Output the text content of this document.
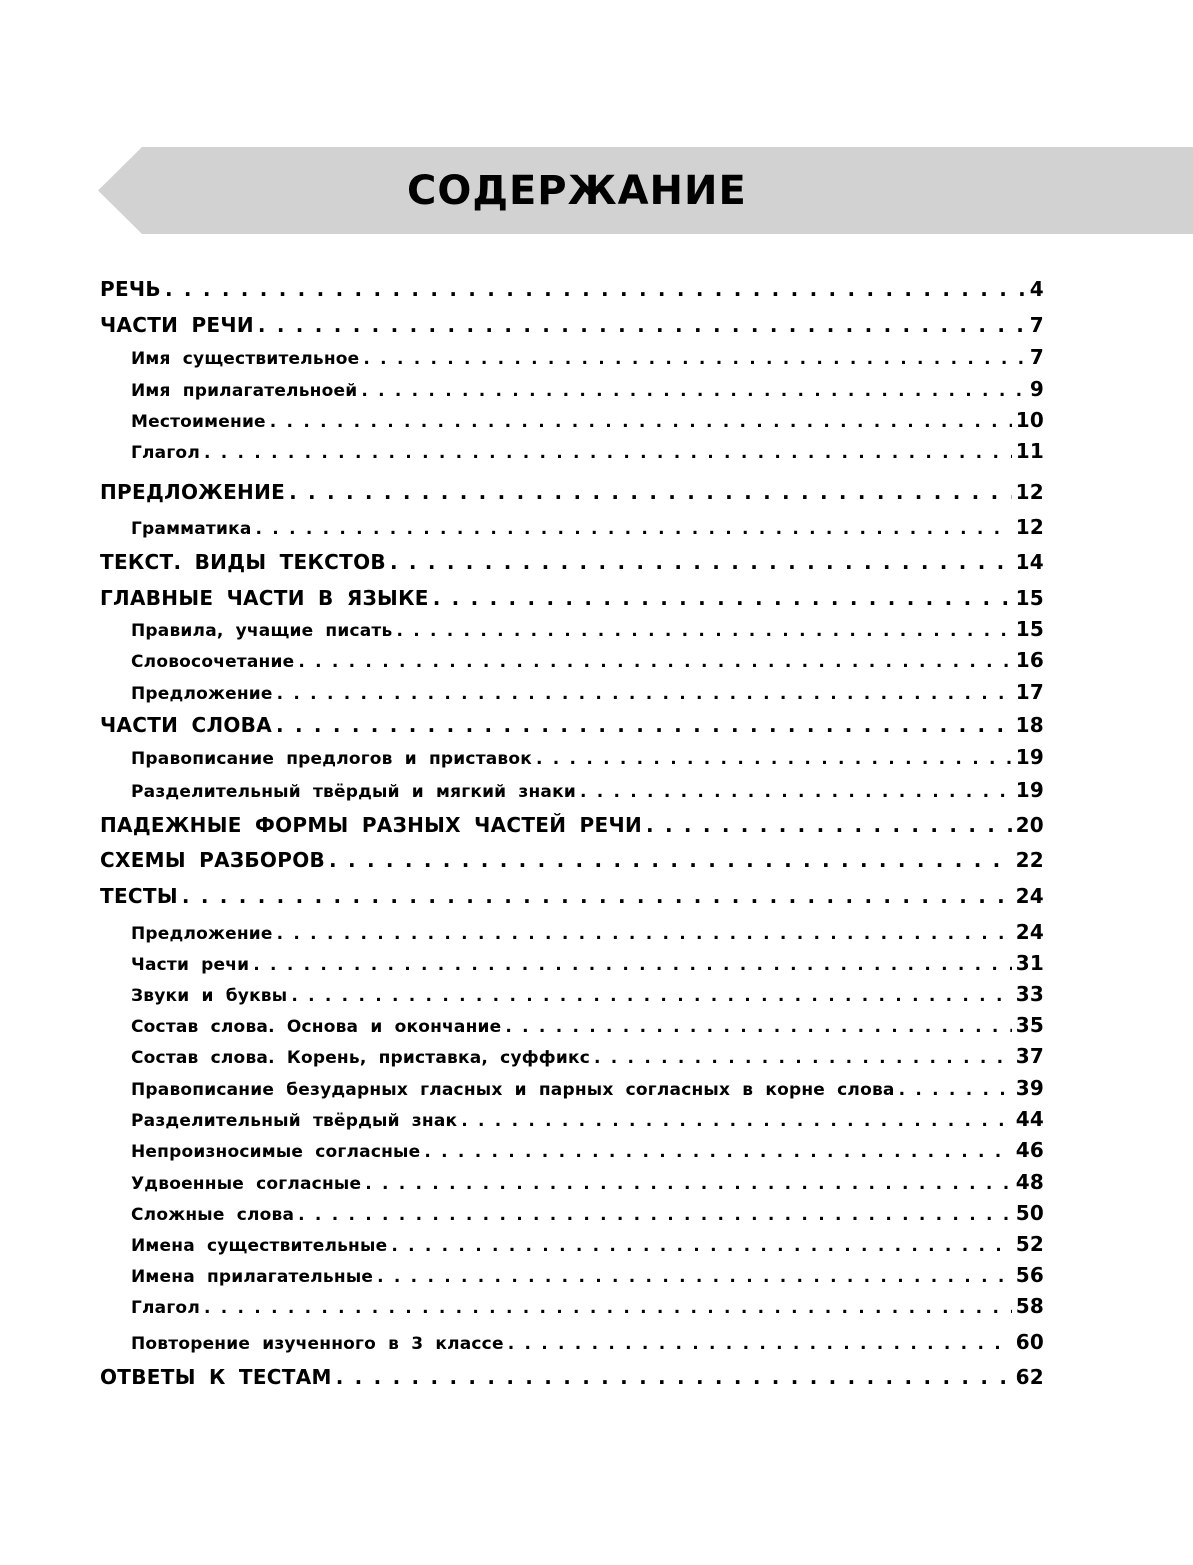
СОДЕРЖАНИЕ
РЕЧЬ . . .	4
ЧАСТИ РЕЧИ . . .	7
Имя существительное . . .	7
Имя прилагательноей . . .	9
Местоимение . . .	10
Глагол . . .	11
ПРЕДЛОЖЕНИЕ . . .	12
Грамматика . . .	12
ТЕКСТ. ВИДЫ ТЕКСТОВ . . .	14
ГЛАВНЫЕ ЧАСТИ В ЯЗЫКЕ . . .	15
Правила, учащие писать . . .	15
Словосочетание . . .	16
Предложение . . .	17
ЧАСТИ СЛОВА . . .	18
Правописание предлогов и приставок . . .	19
Разделительный твёрдый и мягкий знаки . . .	19
ПАДЕЖНЫЕ ФОРМЫ РАЗНЫХ ЧАСТЕЙ РЕЧИ . . .	20
СХЕМЫ РАЗБОРОВ . . .	22
ТЕСТЫ . . .	24
Предложение . . .	24
Части речи . . .	31
Звуки и буквы . . .	33
Состав слова. Основа и окончание . . .	35
Состав слова. Корень, приставка, суффикс . . .	37
Правописание безударных гласных и парных согласных в корне слова . . .	39
Разделительный твёрдый знак . . .	44
Непроизносимые согласные . . .	46
Удвоенные согласные . . .	48
Сложные слова . . .	50
Имена существительные . . .	52
Имена прилагательные . . .	56
Глагол . . .	58
Повторение изученного в 3 классе . . .	60
ОТВЕТЫ К ТЕСТАМ . . .	62
